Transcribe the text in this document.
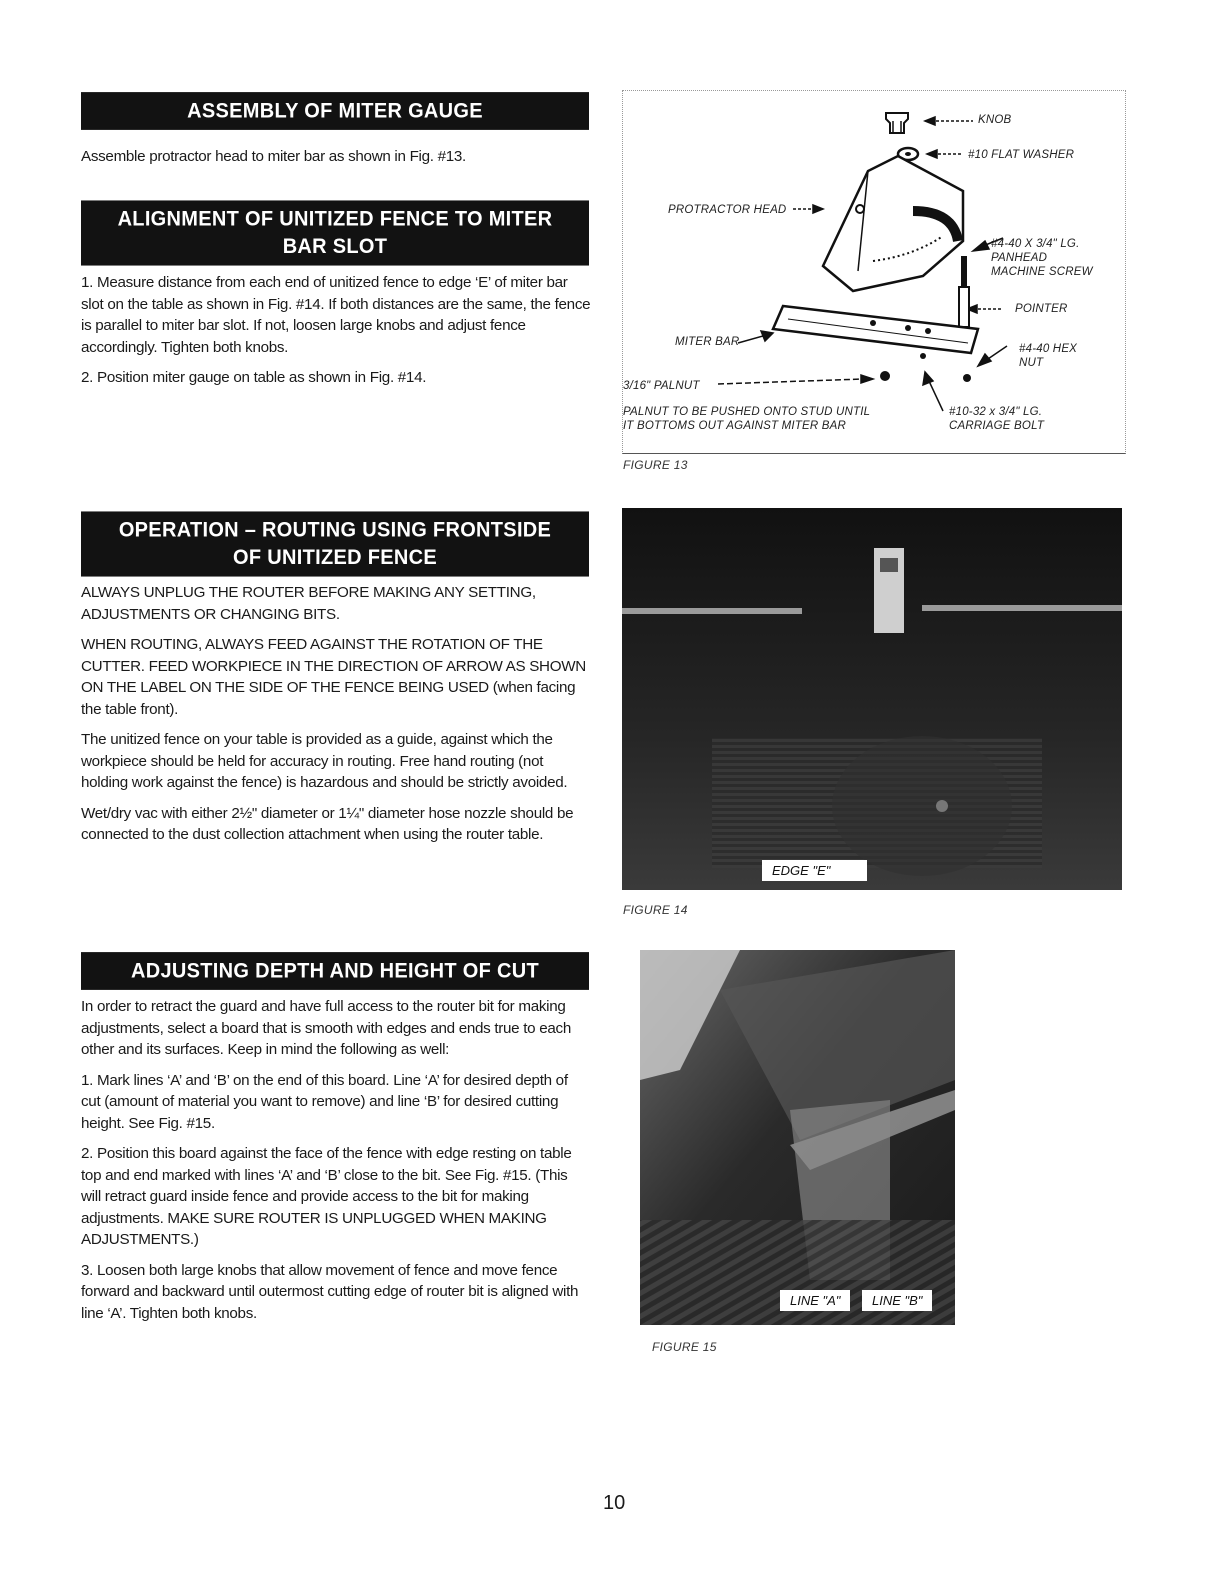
ASSEMBLY OF MITER GAUGE

Assemble protractor head to miter bar as shown in Fig. #13.

ALIGNMENT OF UNITIZED FENCE TO MITER
BAR SLOT

1. Measure distance from each end of unitized fence to edge ‘E’ of miter bar slot on the table as shown in Fig. #14. If both distances are the same, the fence is parallel to miter bar slot. If not, loosen large knobs and adjust fence accordingly. Tighten both knobs.

2. Position miter gauge on table as shown in Fig. #14.

OPERATION – ROUTING USING FRONTSIDE
OF UNITIZED FENCE

ALWAYS UNPLUG THE ROUTER BEFORE MAKING ANY SETTING, ADJUSTMENTS OR CHANGING BITS.

WHEN ROUTING, ALWAYS FEED AGAINST THE ROTATION OF THE CUTTER. FEED WORKPIECE IN THE DIRECTION OF ARROW AS SHOWN ON THE LABEL ON THE SIDE OF THE FENCE BEING USED (when facing the table front).

The unitized fence on your table is provided as a guide, against which the workpiece should be held for accuracy in routing. Free hand routing (not holding work against the fence) is hazardous and should be strictly avoided.

Wet/dry vac with either 2½" diameter or 1¼" diameter hose nozzle should be connected to the dust collection attachment when using the router table.

ADJUSTING DEPTH AND HEIGHT OF CUT

In order to retract the guard and have full access to the router bit for making adjustments, select a board that is smooth with edges and ends true to each other and its surfaces. Keep in mind the following as well:

1. Mark lines ‘A’ and ‘B’ on the end of this board. Line ‘A’ for desired depth of cut (amount of material you want to remove) and line ‘B’ for desired cutting height. See Fig. #15.

2. Position this board against the face of the fence with edge resting on table top and end marked with lines ‘A’ and ‘B’ close to the bit. See Fig. #15. (This will retract guard inside fence and provide access to the bit for making adjustments. MAKE SURE ROUTER IS UNPLUGGED WHEN MAKING ADJUSTMENTS.)

3. Loosen both large knobs that allow movement of fence and move fence forward and backward until outermost cutting edge of router bit is aligned with line ‘A’. Tighten both knobs.

KNOB
#10 FLAT WASHER
PROTRACTOR HEAD
#4-40 X 3/4" LG.
PANHEAD
MACHINE SCREW
POINTER
MITER BAR
#4-40 HEX
NUT
3/16" PALNUT
PALNUT TO BE PUSHED ONTO STUD UNTIL
IT BOTTOMS OUT AGAINST MITER BAR
#10-32 x 3/4" LG.
CARRIAGE BOLT
FIGURE 13
EDGE "E"
FIGURE 14
LINE "A"	LINE "B"
FIGURE 15
10
